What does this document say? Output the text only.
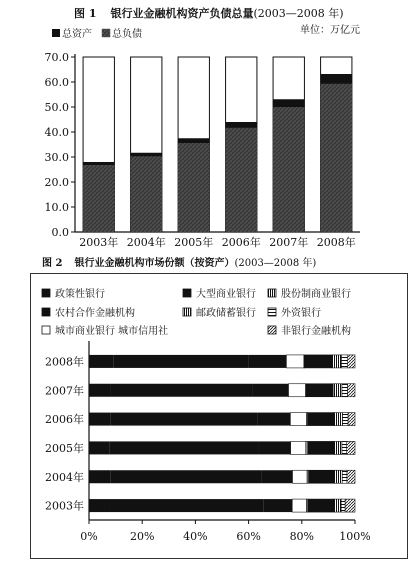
图 1 银行业金融机构资产负债总量(2003—2008 年)
单位：万亿元
图 2 银行业金融机构市场份额（按资产）(2003—2008 年)
总资产 总负债
0.0
10.0
20.0
30.0
40.0
50.0
60.0
70.0
2003年 2004年 2005年 2006年 2007年 2008年
政策性银行	大型商业银行	股份制商业银行
农村合作金融机构	邮政储蓄银行	外资银行
城市商业银行 城市信用社	非银行金融机构
0%	20%	40%	60%	80% 100%
2008年
2007年
2006年
2005年
2004年
2003年
